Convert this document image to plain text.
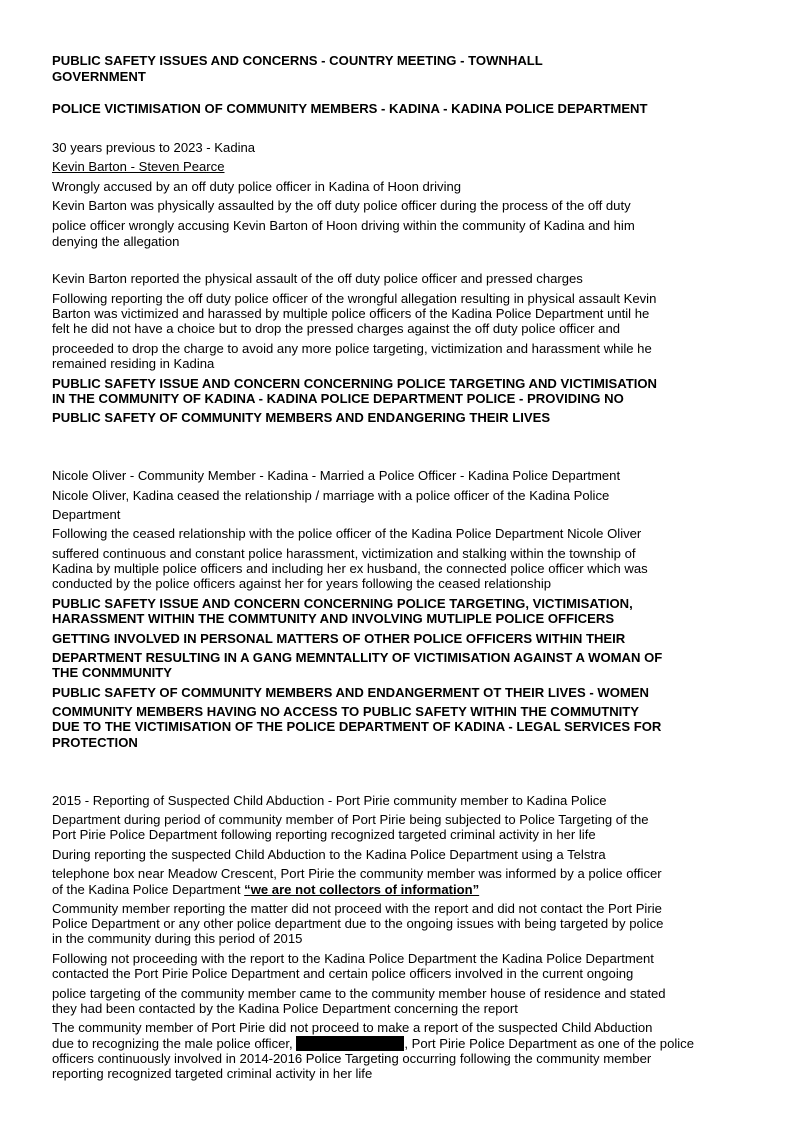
PUBLIC SAFETY ISSUES AND CONCERNS - COUNTRY MEETING - TOWNHALL
GOVERNMENT
POLICE VICTIMISATION OF COMMUNITY MEMBERS - KADINA - KADINA POLICE DEPARTMENT
30 years previous to 2023 - Kadina
Kevin Barton - Steven Pearce
Wrongly accused by an off duty police officer in Kadina of Hoon driving
Kevin Barton was physically assaulted by the off duty police officer during the process of the off duty
police officer wrongly accusing Kevin Barton of Hoon driving within the community of Kadina and him
denying the allegation
Kevin Barton reported the physical assault of the off duty police officer and pressed charges
Following reporting the off duty police officer of the wrongful allegation resulting in physical assault Kevin
Barton was victimized and harassed by multiple police officers of the Kadina Police Department until he
felt he did not have a choice but to drop the pressed charges against the off duty police officer and
proceeded to drop the charge to avoid any more police targeting, victimization and harassment while he
remained residing in Kadina
PUBLIC SAFETY ISSUE AND CONCERN CONCERNING POLICE TARGETING AND VICTIMISATION
IN THE COMMUNITY OF KADINA - KADINA POLICE DEPARTMENT POLICE - PROVIDING NO
PUBLIC SAFETY OF COMMUNITY MEMBERS AND ENDANGERING THEIR LIVES
Nicole Oliver - Community Member - Kadina - Married a Police Officer - Kadina Police Department
Nicole Oliver, Kadina ceased the relationship / marriage with a police officer of the Kadina Police
Department
Following the ceased relationship with the police officer of the Kadina Police Department Nicole Oliver
suffered continuous and constant police harassment, victimization and stalking within the township of
Kadina by multiple police officers and including her ex husband, the connected police officer which was
conducted by the police officers against her for years following the ceased relationship
PUBLIC SAFETY ISSUE AND CONCERN CONCERNING POLICE TARGETING, VICTIMISATION,
HARASSMENT WITHIN THE COMMTUNITY AND INVOLVING MUTLIPLE POLICE OFFICERS
GETTING INVOLVED IN PERSONAL MATTERS OF OTHER POLICE OFFICERS WITHIN THEIR
DEPARTMENT RESULTING IN A GANG MEMNTALLITY OF VICTIMISATION AGAINST A WOMAN OF
THE CONMMUNITY
PUBLIC SAFETY OF COMMUNITY MEMBERS AND ENDANGERMENT OT THEIR LIVES - WOMEN
COMMUNITY MEMBERS HAVING NO ACCESS TO PUBLIC SAFETY WITHIN THE COMMUTNITY
DUE TO THE VICTIMISATION OF THE POLICE DEPARTMENT OF KADINA - LEGAL SERVICES FOR
PROTECTION
2015 - Reporting of Suspected Child Abduction - Port Pirie community member to Kadina Police
Department during period of community member of Port Pirie being subjected to Police Targeting of the
Port Pirie Police Department following reporting recognized targeted criminal activity in her life
During reporting the suspected Child Abduction to the Kadina Police Department using a Telstra
telephone box near Meadow Crescent, Port Pirie the community member was informed by a police officer
of the Kadina Police Department “we are not collectors of information”
Community member reporting the matter did not proceed with the report and did not contact the Port Pirie
Police Department or any other police department due to the ongoing issues with being targeted by police
in the community during this period of 2015
Following not proceeding with the report to the Kadina Police Department the Kadina Police Department
contacted the Port Pirie Police Department and certain police officers involved in the current ongoing
police targeting of the community member came to the community member house of residence and stated
they had been contacted by the Kadina Police Department concerning the report
The community member of Port Pirie did not proceed to make a report of the suspected Child Abduction
due to recognizing the male police officer,	, Port Pirie Police Department as one of the police
officers continuously involved in 2014-2016 Police Targeting occurring following the community member
reporting recognized targeted criminal activity in her life
